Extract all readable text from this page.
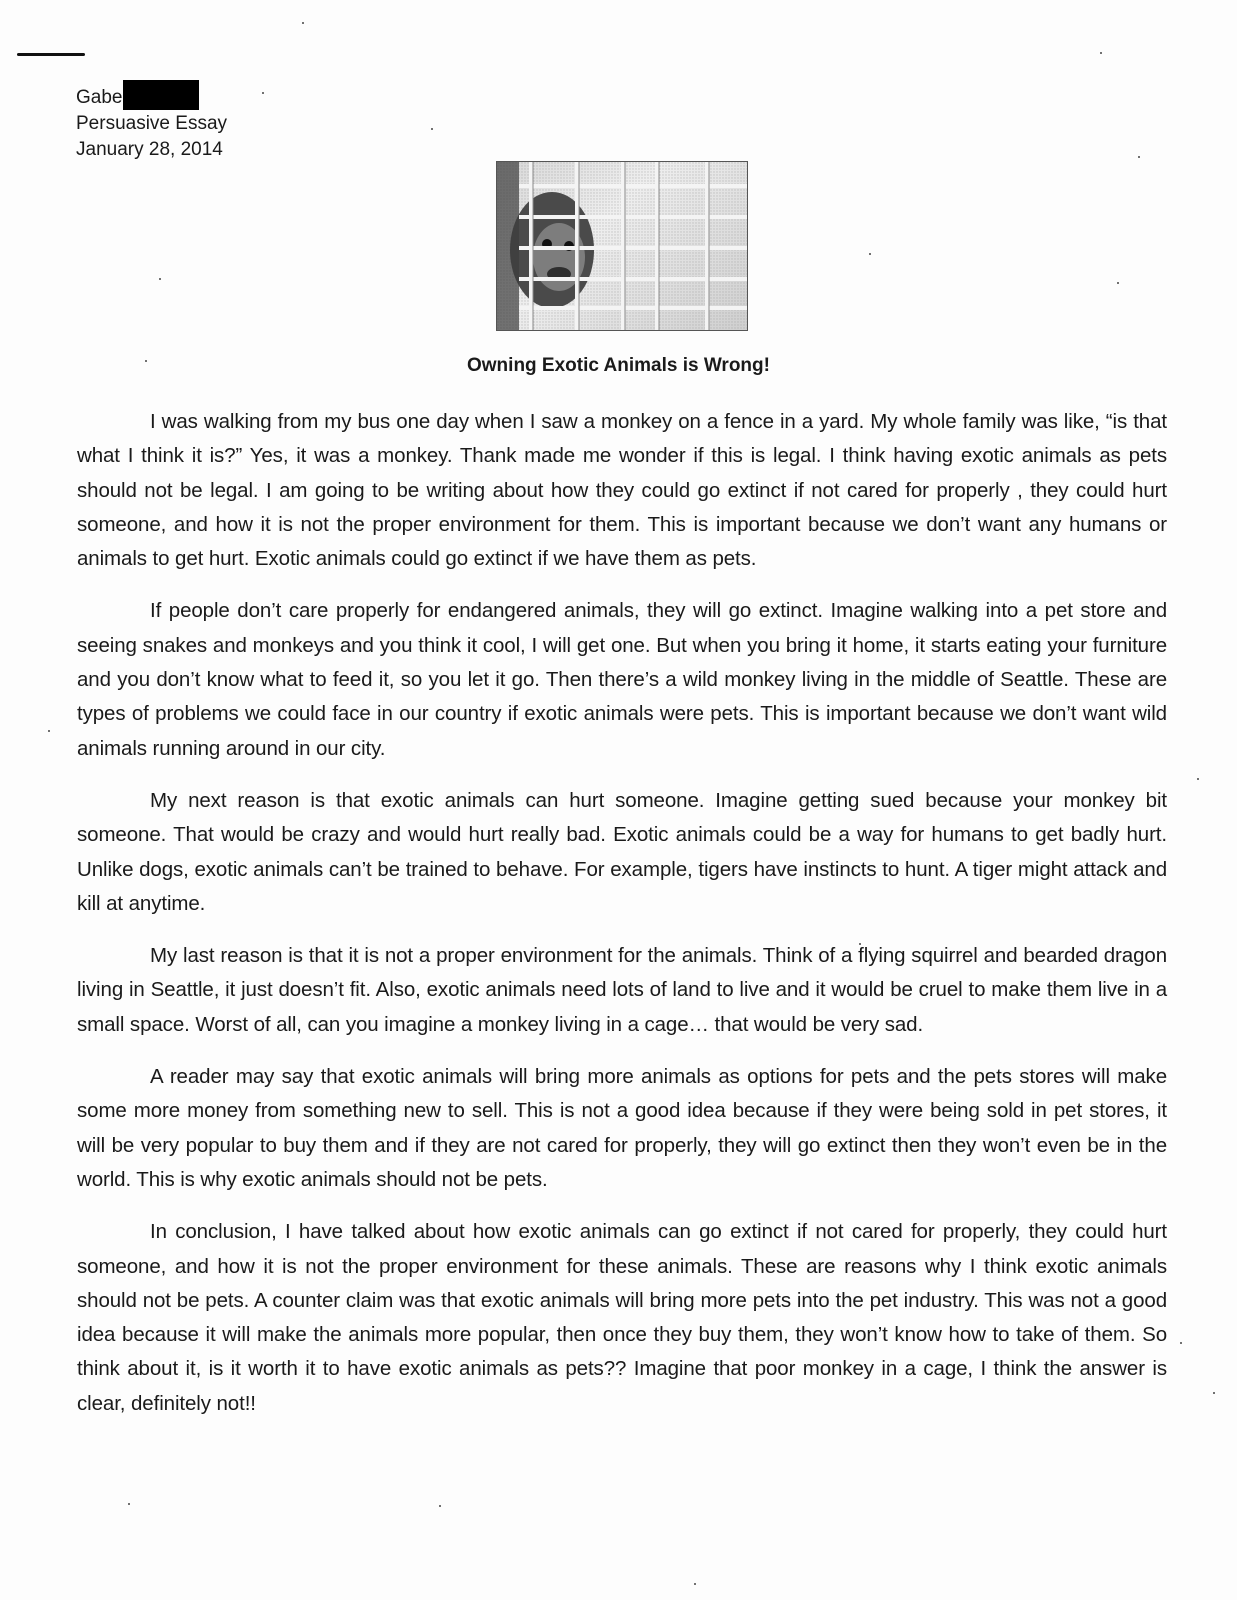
Gabe
Persuasive Essay
January 28, 2014
Owning Exotic Animals is Wrong!

I was walking from my bus one day when I saw a monkey on a fence in a yard. My whole family was like, “is that what I think it is?” Yes, it was a monkey. Thank made me wonder if this is legal. I think having exotic animals as pets should not be legal. I am going to be writing about how they could go extinct if not cared for properly , they could hurt someone, and how it is not the proper environment for them. This is important because we don’t want any humans or animals to get hurt. Exotic animals could go extinct if we have them as pets.

If people don’t care properly for endangered animals, they will go extinct. Imagine walking into a pet store and seeing snakes and monkeys and you think it cool, I will get one. But when you bring it home, it starts eating your furniture and you don’t know what to feed it, so you let it go. Then there’s a wild monkey living in the middle of Seattle. These are types of problems we could face in our country if exotic animals were pets. This is important because we don’t want wild animals running around in our city.

My next reason is that exotic animals can hurt someone. Imagine getting sued because your monkey bit someone. That would be crazy and would hurt really bad. Exotic animals could be a way for humans to get badly hurt. Unlike dogs, exotic animals can’t be trained to behave. For example, tigers have instincts to hunt. A tiger might attack and kill at anytime.

My last reason is that it is not a proper environment for the animals. Think of a flying squirrel and bearded dragon living in Seattle, it just doesn’t fit. Also, exotic animals need lots of land to live and it would be cruel to make them live in a small space. Worst of all, can you imagine a monkey living in a cage… that would be very sad.

A reader may say that exotic animals will bring more animals as options for pets and the pets stores will make some more money from something new to sell. This is not a good idea because if they were being sold in pet stores, it will be very popular to buy them and if they are not cared for properly, they will go extinct then they won’t even be in the world. This is why exotic animals should not be pets.

In conclusion, I have talked about how exotic animals can go extinct if not cared for properly, they could hurt someone, and how it is not the proper environment for these animals. These are reasons why I think exotic animals should not be pets. A counter claim was that exotic animals will bring more pets into the pet industry. This was not a good idea because it will make the animals more popular, then once they buy them, they won’t know how to take of them. So think about it, is it worth it to have exotic animals as pets?? Imagine that poor monkey in a cage, I think the answer is clear, definitely not!!
